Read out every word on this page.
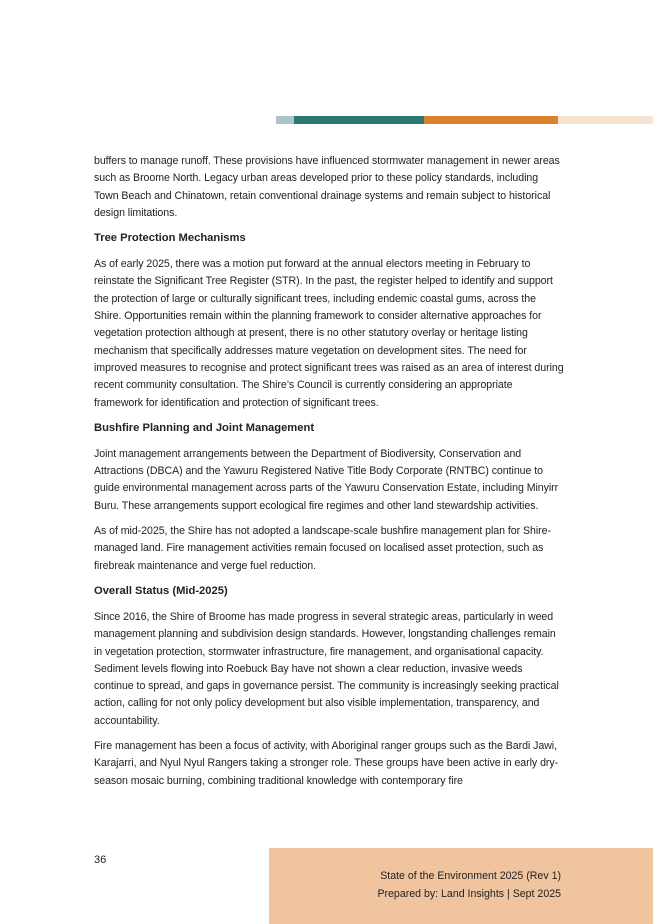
buffers to manage runoff. These provisions have influenced stormwater management in newer areas such as Broome North. Legacy urban areas developed prior to these policy standards, including Town Beach and Chinatown, retain conventional drainage systems and remain subject to historical design limitations.

Tree Protection Mechanisms

As of early 2025, there was a motion put forward at the annual electors meeting in February to reinstate the Significant Tree Register (STR). In the past, the register helped to identify and support the protection of large or culturally significant trees, including endemic coastal gums, across the Shire. Opportunities remain within the planning framework to consider alternative approaches for vegetation protection although at present, there is no other statutory overlay or heritage listing mechanism that specifically addresses mature vegetation on development sites. The need for improved measures to recognise and protect significant trees was raised as an area of interest during recent community consultation. The Shire’s Council is currently considering an appropriate framework for identification and protection of significant trees.

Bushfire Planning and Joint Management

Joint management arrangements between the Department of Biodiversity, Conservation and Attractions (DBCA) and the Yawuru Registered Native Title Body Corporate (RNTBC) continue to guide environmental management across parts of the Yawuru Conservation Estate, including Minyirr Buru. These arrangements support ecological fire regimes and other land stewardship activities.

As of mid-2025, the Shire has not adopted a landscape-scale bushfire management plan for Shire-managed land. Fire management activities remain focused on localised asset protection, such as firebreak maintenance and verge fuel reduction.

Overall Status (Mid-2025)

Since 2016, the Shire of Broome has made progress in several strategic areas, particularly in weed management planning and subdivision design standards. However, longstanding challenges remain in vegetation protection, stormwater infrastructure, fire management, and organisational capacity. Sediment levels flowing into Roebuck Bay have not shown a clear reduction, invasive weeds continue to spread, and gaps in governance persist. The community is increasingly seeking practical action, calling for not only policy development but also visible implementation, transparency, and accountability.

Fire management has been a focus of activity, with Aboriginal ranger groups such as the Bardi Jawi, Karajarri, and Nyul Nyul Rangers taking a stronger role. These groups have been active in early dry-season mosaic burning, combining traditional knowledge with contemporary fire

36
State of the Environment 2025 (Rev 1)
Prepared by: Land Insights | Sept 2025
